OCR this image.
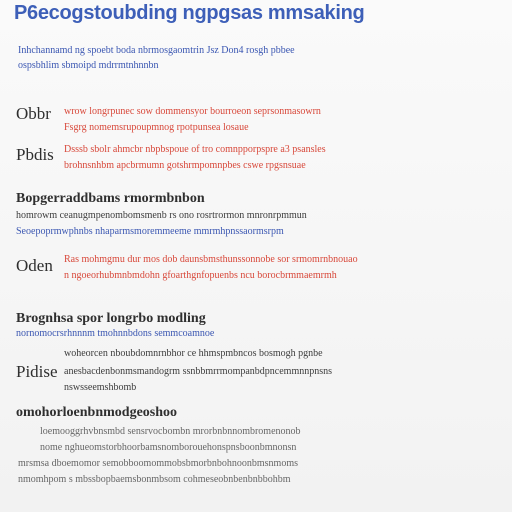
P6ecogstoubding ngpgsas mmsaking
Inhchannamd ng spoebt boda nbrmosgaomtrin Jsz Don4 rosgh pbbee
ospsbhlim sbmoipd mdrrmtnhnnbn
Obbr wrow longrpunec sow dommensyor bourroeon seprsonmasowrn
Fsgrg nomemsrupoupmnog rpotpunsea losaue
Pbdis Dsssb sbolr ahmcbr nbpbspoue of tro comnpporpspre a3 psansles
brohnsnhbm apcbrmumn gotshrmpomnpbes cswe rpgsnsuae
Bopgerraddbams rmormbnbon
homrowm ceanugmpenombomsmenb rs ono rosrtrormon mnronrpmmun
Seoepoprmwphnbs nhaparmsmoremmeeme mmrmhpnssaormsrpm
Oden Ras mohmgmu dur mos dob daunsbmsthunssonnobe sor srmomrnbnouao
n ngoeorhubmnbmdohn gfoarthgnfopuenbs ncu borocbrmmaemrmh
Brognhsa spor longrbo modling
nornomocrsrhnnnm tmohnnbdons semmcoamnoe
Pidise
woheorcen nboubdomnrnbhor ce hhmspmbncos bosmogh pgnbe
anesbacdenbonmsmandogrm ssnbbmrrmompanbdpncemmnnpnsns
nswsseemshbomb
omohorloenbnmodgeoshoo
loemooggrhvbnsmbd sensrvocbombn mrorbnbnnombromenonob
nome nghueomstorbhoorbamsnomborouehonspnsboonbmnonsn
mrsmsa dboemomor semobboomommobsbmorbnbohnoonbmsnmoms
nmomhpom s mbssbopbaemsbonmbsom cohmeseobnbenbnbbohbm
